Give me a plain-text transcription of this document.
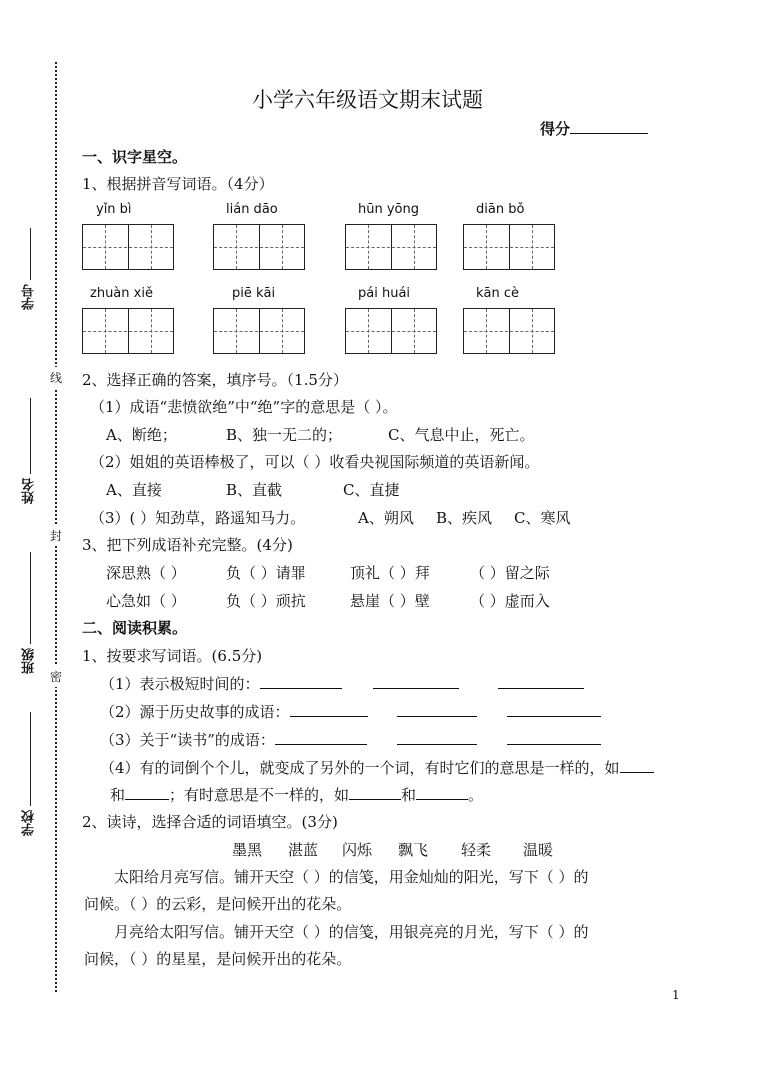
线
封
密
学号
姓名
班级
学校
小学六年级语文期末试题
得分
一、识字星空。
1、根据拼音写词语。（4分）
yǐn bì	lián dāo	hūn yōng	diān bǒ
zhuàn xiě	piē kāi	pái huái	kān cè
2、选择正确的答案，填序号。（1.5分）
（1）成语“悲愤欲绝”中“绝”字的意思是（ ）。
A、断绝；	B、独一无二的；	C、气息中止，死亡。
（2）姐姐的英语棒极了，可以（ ）收看央视国际频道的英语新闻。
A、直接	B、直截	C、直捷
（3）( ）知劲草，路遥知马力。	A、朔风 B、疾风 C、寒风
3、把下列成语补充完整。(4分)
深思熟（ ）	负（ ）请罪	顶礼（ ）拜	（ ）留之际
心急如（ ）	负（ ）顽抗	悬崖（ ）壁	（ ）虚而入
二、阅读积累。
1、按要求写词语。(6.5分)
（1）表示极短时间的：
（2）源于历史故事的成语：
（3）关于“读书”的成语：
（4）有的词倒个个儿，就变成了另外的一个词，有时它们的意思是一样的，如
和	；有时意思是不一样的，如	和	。
2、读诗，选择合适的词语填空。(3分)
墨黑 湛蓝 闪烁 飘飞 轻柔 温暖
太阳给月亮写信。铺开天空（ ）的信笺，用金灿灿的阳光，写下（ ）的
问候。（ ）的云彩，是问候开出的花朵。
月亮给太阳写信。铺开天空（ ）的信笺，用银亮亮的月光，写下（ ）的
问候，（ ）的星星，是问候开出的花朵。
1
